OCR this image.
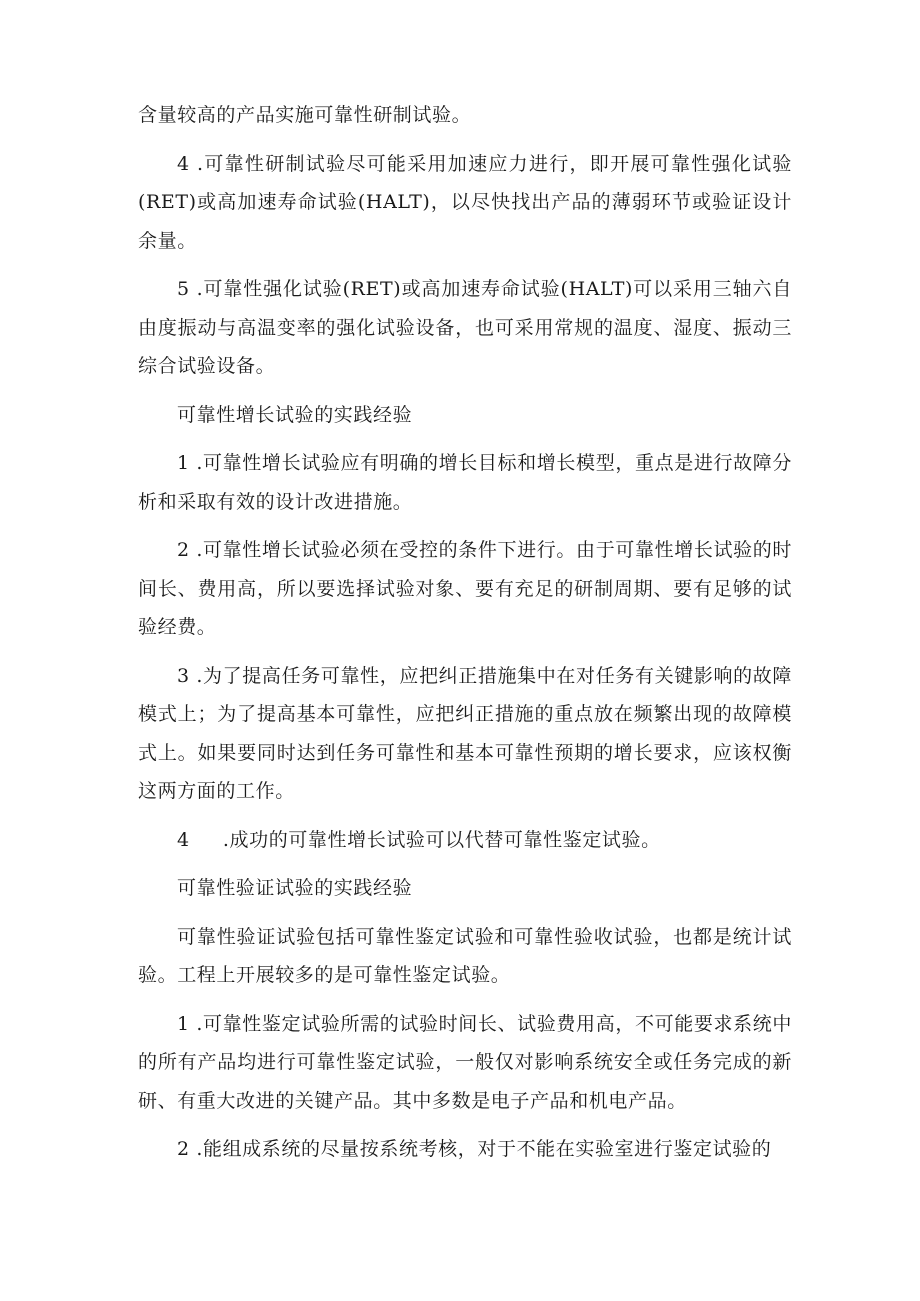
含量较高的产品实施可靠性研制试验。

4 .可靠性研制试验尽可能采用加速应力进行，即开展可靠性强化试验(RET)或高加速寿命试验(HALT)，以尽快找出产品的薄弱环节或验证设计余量。

5 .可靠性强化试验(RET)或高加速寿命试验(HALT)可以采用三轴六自由度振动与高温变率的强化试验设备，也可采用常规的温度、湿度、振动三综合试验设备。

可靠性增长试验的实践经验

1 .可靠性增长试验应有明确的增长目标和增长模型，重点是进行故障分析和采取有效的设计改进措施。

2 .可靠性增长试验必须在受控的条件下进行。由于可靠性增长试验的时间长、费用高，所以要选择试验对象、要有充足的研制周期、要有足够的试验经费。

3 .为了提高任务可靠性，应把纠正措施集中在对任务有关键影响的故障模式上；为了提高基本可靠性，应把纠正措施的重点放在频繁出现的故障模式上。如果要同时达到任务可靠性和基本可靠性预期的增长要求，应该权衡这两方面的工作。

4     .成功的可靠性增长试验可以代替可靠性鉴定试验。

可靠性验证试验的实践经验

可靠性验证试验包括可靠性鉴定试验和可靠性验收试验，也都是统计试验。工程上开展较多的是可靠性鉴定试验。

1 .可靠性鉴定试验所需的试验时间长、试验费用高，不可能要求系统中的所有产品均进行可靠性鉴定试验，一般仅对影响系统安全或任务完成的新研、有重大改进的关键产品。其中多数是电子产品和机电产品。

2 .能组成系统的尽量按系统考核，对于不能在实验室进行鉴定试验的
